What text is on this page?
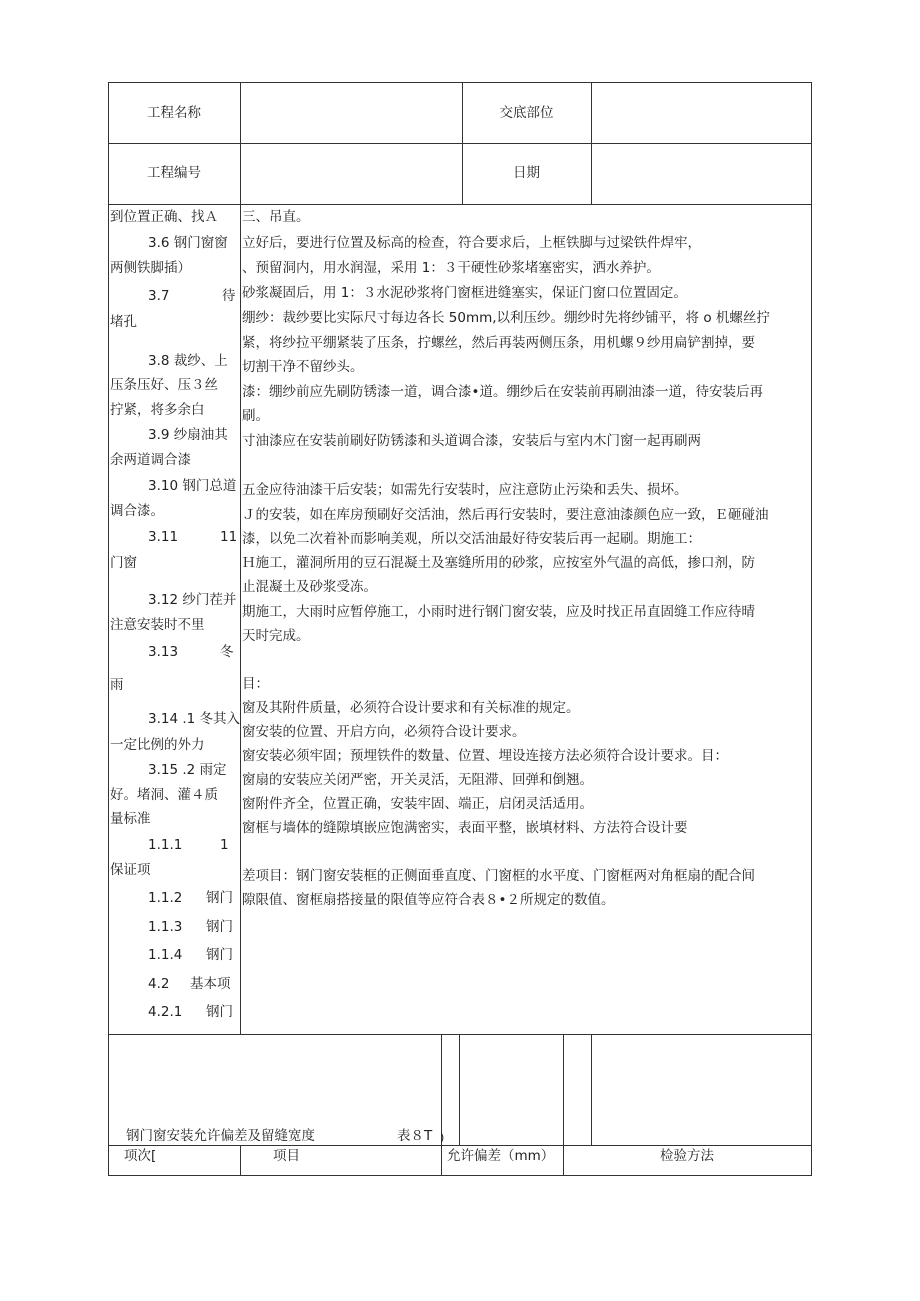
工程名称	交底部位
工程编号	日期
到位置正确、找Ａ
3.6 钢门窗窗
两侧铁脚插）
3.7	待
堵孔
3.8 裁纱、上
压条压好、压３丝
拧紧，将多余白
3.9 纱扇油其
余两道调合漆
3.10 钢门总道
调合漆。
3.11	11
门窗
3.12 纱门茬并
注意安装时不里
3.13	冬
雨
3.14 .1 冬其入
一定比例的外力
3.15 .2 雨定
好。堵洞、灌４质
量标准
1.1.1	1
保证项
1.1.2 钢门
1.1.3 钢门
1.1.4 钢门
4.2 基本项
4.2.1 钢门
三、吊直。
立好后，要进行位置及标高的检查，符合要求后，上框铁脚与过梁铁件焊牢，
、预留洞内，用水润湿，采用 1：３干硬性砂浆堵塞密实，洒水养护。
砂浆凝固后，用 1：３水泥砂浆将门窗框进缝塞实，保证门窗口位置固定。
绷纱：裁纱要比实际尺寸每边各长 50mm,以利压纱。绷纱时先将纱铺平，将 o 机螺丝拧
紧，将纱拉平绷紧装了压条，拧螺丝，然后再装两侧压条，用机螺９纱用扁铲割掉，要
切割干净不留纱头。
漆：绷纱前应先刷防锈漆一道，调合漆•道。绷纱后在安装前再刷油漆一道，待安装后再
刷。
寸油漆应在安装前刷好防锈漆和头道调合漆，安装后与室内木门窗一起再刷两
五金应待油漆干后安装；如需先行安装时，应注意防止污染和丢失、损坏。
Ｊ的安装，如在库房预刷好交活油，然后再行安装时，要注意油漆颜色应一致，Ｅ砸碰油
漆，以免二次着补而影响美观，所以交活油最好待安装后再一起刷。期施工：
Ｈ施工，灌洞所用的豆石混凝土及塞缝所用的砂浆，应按室外气温的高低，掺口剂，防
止混凝土及砂浆受冻。
期施工，大雨时应暂停施工，小雨时进行钢门窗安装，应及时找正吊直固缝工作应待晴
天时完成。
目：
窗及其附件质量，必须符合设计要求和有关标准的规定。
窗安装的位置、开启方向，必须符合设计要求。
窗安装必须牢固；预埋铁件的数量、位置、埋设连接方法必须符合设计要求。目：
窗扇的安装应关闭严密，开关灵活，无阻滞、回弹和倒翘。
窗附件齐全，位置正确，安装牢固、端正，启闭灵活适用。
窗框与墙体的缝隙填嵌应饱满密实，表面平整，嵌填材料、方法符合设计要
差项目：钢门窗安装框的正侧面垂直度、门窗框的水平度、门窗框两对角框扇的配合间
隙限值、窗框扇搭接量的限值等应符合表８•２所规定的数值。
钢门窗安装允许偏差及留缝宽度	表８T )
项次[	项目	允许偏差（mm）	检验方法
